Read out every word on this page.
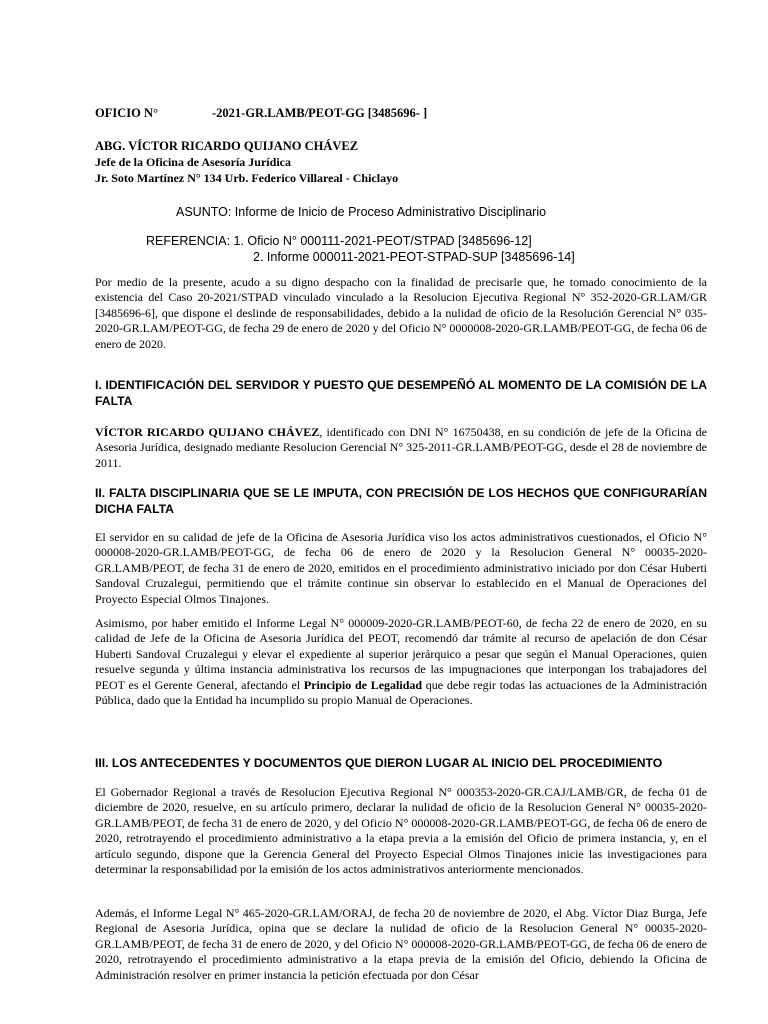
OFICIO N°	-2021-GR.LAMB/PEOT-GG [3485696- ]
ABG. VÍCTOR RICARDO QUIJANO CHÁVEZ
Jefe de la Oficina de Asesoría Jurídica
Jr. Soto Martínez N° 134 Urb. Federico Villareal - Chiclayo
ASUNTO: Informe de Inicio de Proceso Administrativo Disciplinario
REFERENCIA: 1. Oficio N° 000111-2021-PEOT/STPAD [3485696-12]
2. Informe 000011-2021-PEOT-STPAD-SUP [3485696-14]

Por medio de la presente, acudo a su digno despacho con la finalidad de precisarle que, he tomado conocimiento de la existencia del Caso 20-2021/STPAD vinculado vinculado a la Resolucion Ejecutiva Regional N° 352-2020-GR.LAM/GR [3485696-6], que dispone el deslinde de responsabilidades, debido a la nulidad de oficio de la Resolución Gerencial N° 035-2020-GR.LAM/PEOT-GG, de fecha 29 de enero de 2020 y del Oficio N° 0000008-2020-GR.LAMB/PEOT-GG, de fecha 06 de enero de 2020.

I. IDENTIFICACIÓN DEL SERVIDOR Y PUESTO QUE DESEMPEÑÓ AL MOMENTO DE LA COMISIÓN DE LA FALTA

VÍCTOR RICARDO QUIJANO CHÁVEZ, identificado con DNI N° 16750438, en su condición de jefe de la Oficina de Asesoria Jurídica, designado mediante Resolucion Gerencial N° 325-2011-GR.LAMB/PEOT-GG, desde el 28 de noviembre de 2011.

II. FALTA DISCIPLINARIA QUE SE LE IMPUTA, CON PRECISIÓN DE LOS HECHOS QUE CONFIGURARÍAN DICHA FALTA

El servidor en su calidad de jefe de la Oficina de Asesoria Jurídica viso los actos administrativos cuestionados, el Oficio N° 000008-2020-GR.LAMB/PEOT-GG, de fecha 06 de enero de 2020 y la Resolucion General N° 00035-2020-GR.LAMB/PEOT, de fecha 31 de enero de 2020, emitidos en el procedimiento administrativo iniciado por don César Huberti Sandoval Cruzalegui, permitiendo que el trámite continue sin observar lo establecido en el Manual de Operaciones del Proyecto Especial Olmos Tinajones.

Asimismo, por haber emitido el Informe Legal N° 000009-2020-GR.LAMB/PEOT-60, de fecha 22 de enero de 2020, en su calidad de Jefe de la Oficina de Asesoria Jurídica del PEOT, recomendó dar trámite al recurso de apelación de don César Huberti Sandoval Cruzalegui y elevar el expediente al superior jerárquico a pesar que según el Manual Operaciones, quien resuelve segunda y última instancia administrativa los recursos de las impugnaciones que interpongan los trabajadores del PEOT es el Gerente General, afectando el Principio de Legalidad que debe regir todas las actuaciones de la Administración Pública, dado que la Entidad ha incumplido su propio Manual de Operaciones.

III. LOS ANTECEDENTES Y DOCUMENTOS QUE DIERON LUGAR AL INICIO DEL PROCEDIMIENTO

El Gobernador Regional a través de Resolucion Ejecutiva Regional N° 000353-2020-GR.CAJ/LAMB/GR, de fecha 01 de diciembre de 2020, resuelve, en su artículo primero, declarar la nulidad de oficio de la Resolucion General N° 00035-2020-GR.LAMB/PEOT, de fecha 31 de enero de 2020, y del Oficio N° 000008-2020-GR.LAMB/PEOT-GG, de fecha 06 de enero de 2020, retrotrayendo el procedimiento administrativo a la etapa previa a la emisión del Oficio de primera instancia, y, en el artículo segundo, dispone que la Gerencia General del Proyecto Especial Olmos Tinajones inicie las investigaciones para determinar la responsabilidad por la emisión de los actos administrativos anteriormente mencionados.

Además, el Informe Legal N° 465-2020-GR.LAM/ORAJ, de fecha 20 de noviembre de 2020, el Abg. Víctor Diaz Burga, Jefe Regional de Asesoria Jurídica, opina que se declare la nulidad de oficio de la Resolucion General N° 00035-2020-GR.LAMB/PEOT, de fecha 31 de enero de 2020, y del Oficio N° 000008-2020-GR.LAMB/PEOT-GG, de fecha 06 de enero de 2020, retrotrayendo el procedimiento administrativo a la etapa previa de la emisión del Oficio, debiendo la Oficina de Administración resolver en primer instancia la petición efectuada por don César
